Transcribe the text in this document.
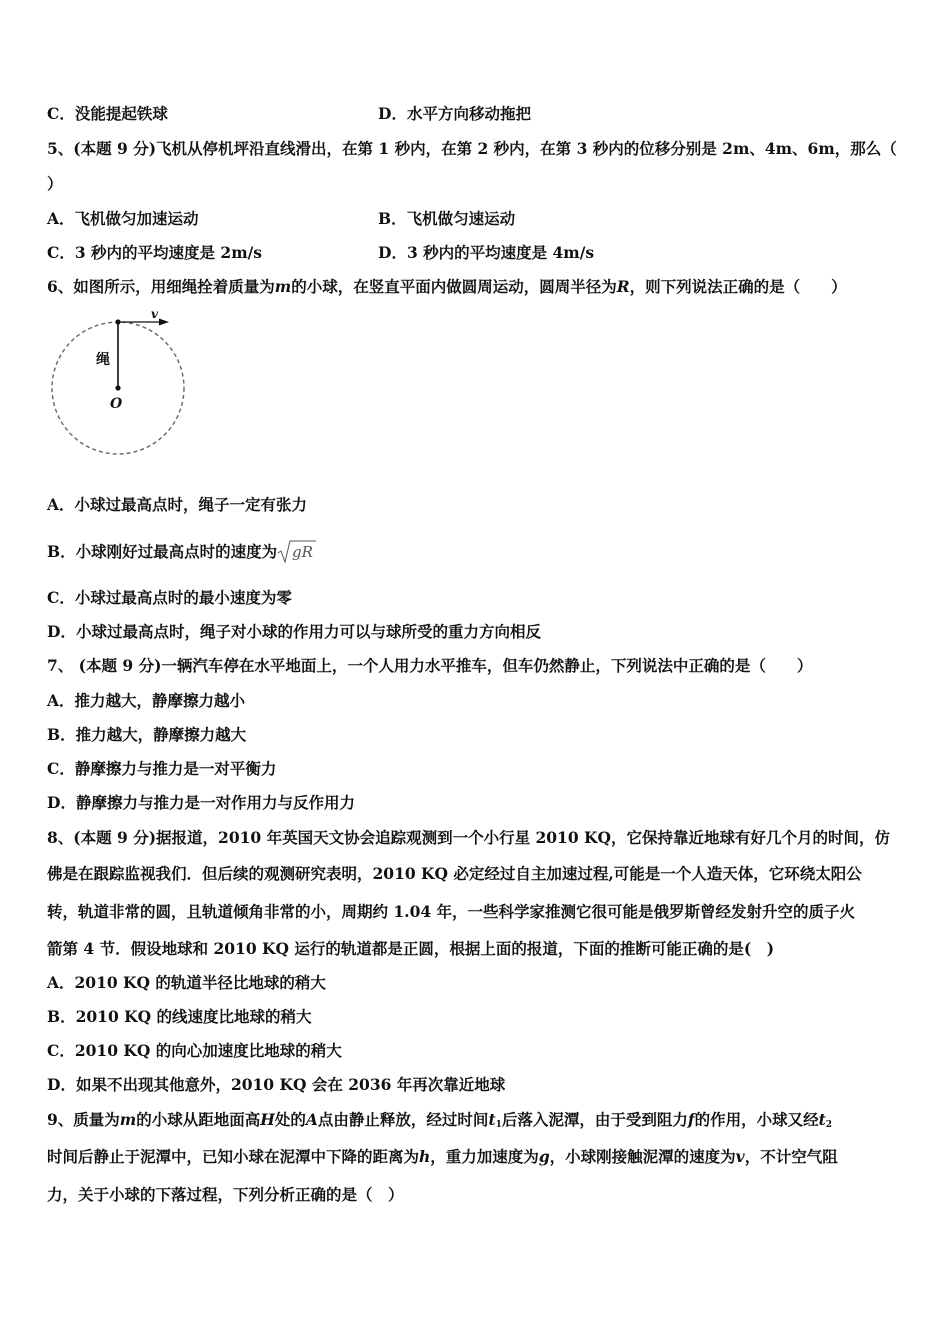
C．没能提起铁球	D．水平方向移动拖把
5、(本题 9 分)飞机从停机坪沿直线滑出，在第 1 秒内，在第 2 秒内，在第 3 秒内的位移分别是 2m、4m、6m，那么（
）
A．飞机做匀加速运动	B．飞机做匀速运动
C．3 秒内的平均速度是 2m/s	D．3 秒内的平均速度是 4m/s
6、如图所示，用细绳拴着质量为m的小球，在竖直平面内做圆周运动，圆周半径为R，则下列说法正确的是（　　）
v
绳
O
A．小球过最高点时，绳子一定有张力
B．小球刚好过最高点时的速度为 gR
C．小球过最高点时的最小速度为零
D．小球过最高点时，绳子对小球的作用力可以与球所受的重力方向相反
7、 (本题 9 分)一辆汽车停在水平地面上，一个人用力水平推车，但车仍然静止，下列说法中正确的是（　　）
A．推力越大，静摩擦力越小
B．推力越大，静摩擦力越大
C．静摩擦力与推力是一对平衡力
D．静摩擦力与推力是一对作用力与反作用力
8、(本题 9 分)据报道，2010 年英国天文协会追踪观测到一个小行星 2010 KQ，它保持靠近地球有好几个月的时间，仿
佛是在跟踪监视我们．但后续的观测研究表明，2010 KQ 必定经过自主加速过程,可能是一个人造天体，它环绕太阳公
转，轨道非常的圆，且轨道倾角非常的小，周期约 1.04 年，一些科学家推测它很可能是俄罗斯曾经发射升空的质子火
箭第 4 节．假设地球和 2010 KQ 运行的轨道都是正圆，根据上面的报道，下面的推断可能正确的是(　)
A．2010 KQ 的轨道半径比地球的稍大
B．2010 KQ 的线速度比地球的稍大
C．2010 KQ 的向心加速度比地球的稍大
D．如果不出现其他意外，2010 KQ 会在 2036 年再次靠近地球
9、质量为m的小球从距地面高H处的A点由静止释放，经过时间$t_1$后落入泥潭，由于受到阻力f的作用，小球又经$t_2$
时间后静止于泥潭中，已知小球在泥潭中下降的距离为h，重力加速度为g，小球刚接触泥潭的速度为v，不计空气阻
力，关于小球的下落过程，下列分析正确的是（　）
